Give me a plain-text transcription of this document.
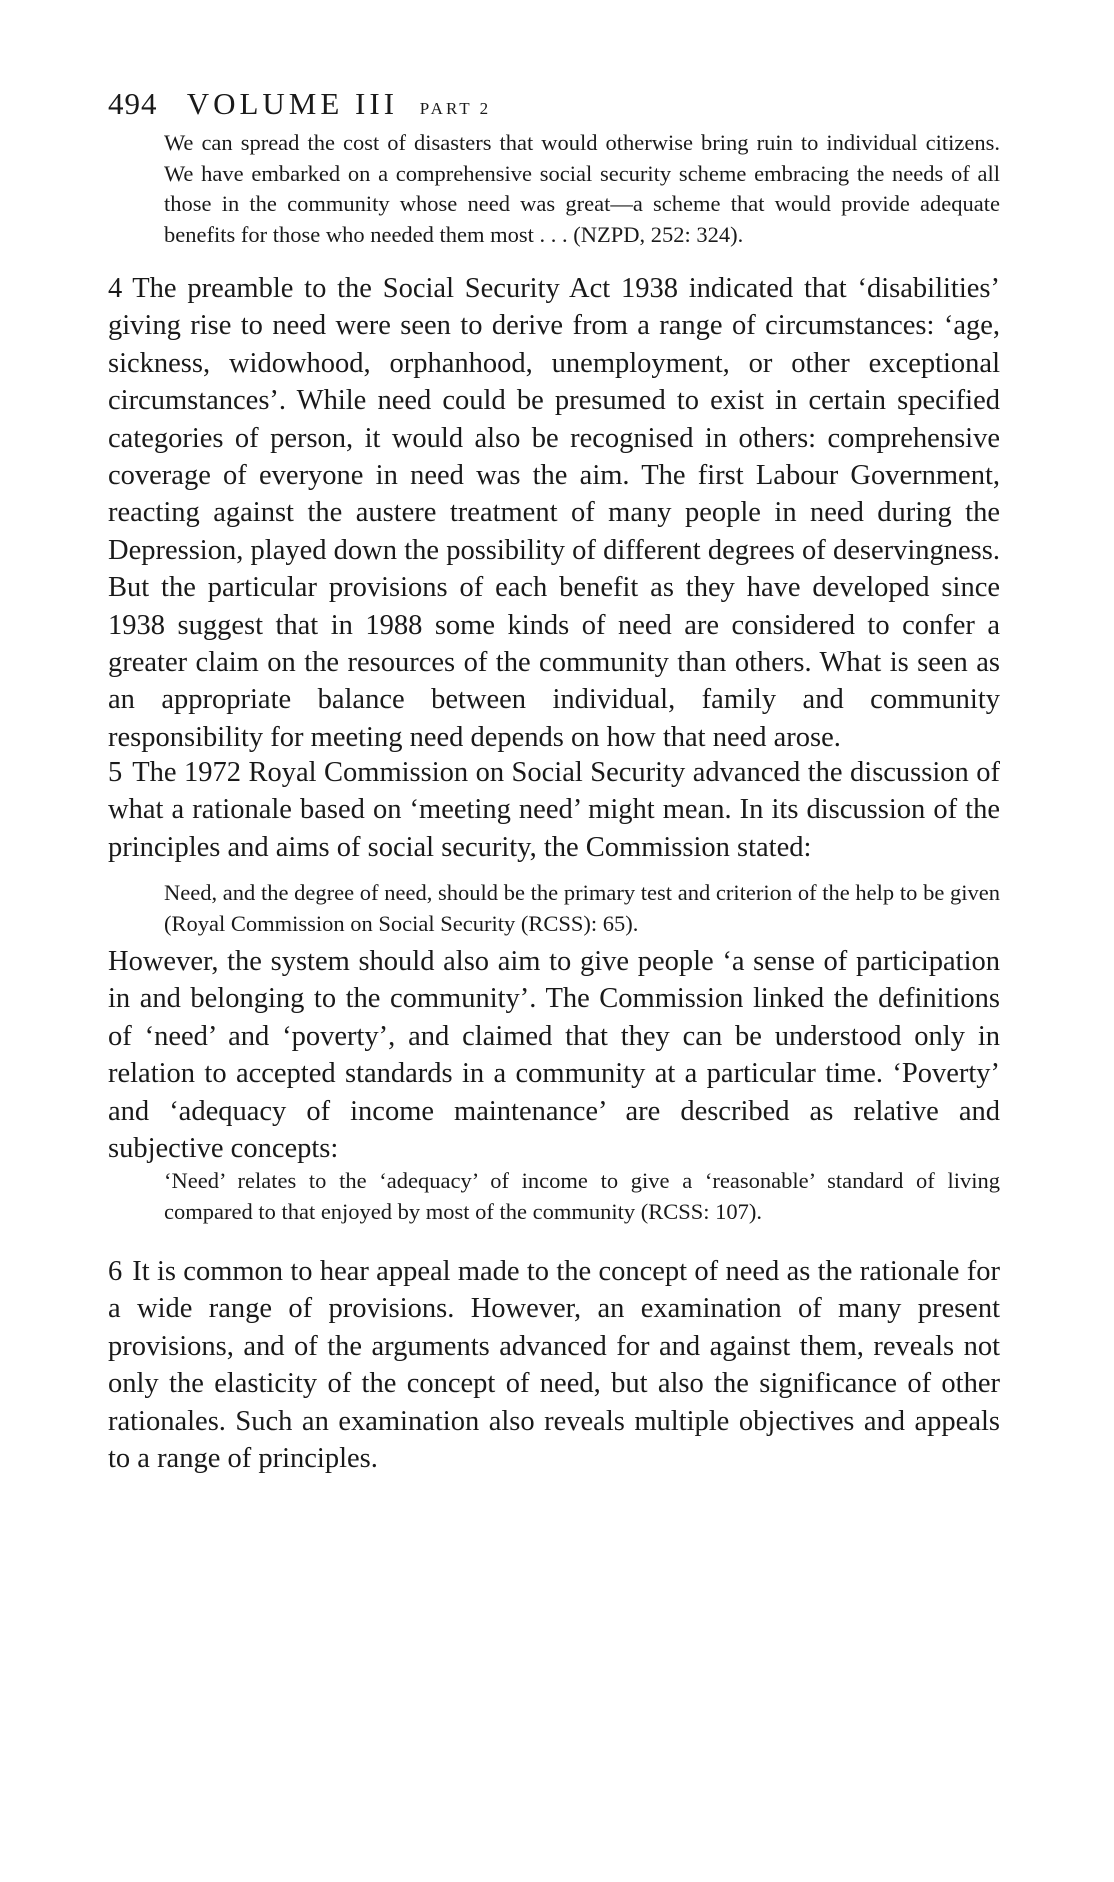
494 VOLUME III PART 2

We can spread the cost of disasters that would otherwise bring ruin to individual citizens. We have embarked on a comprehensive social security scheme embracing the needs of all those in the community whose need was great—a scheme that would provide adequate benefits for those who needed them most . . . (NZPD, 252: 324).

4 The preamble to the Social Security Act 1938 indicated that ‘disabilities’ giving rise to need were seen to derive from a range of circumstances: ‘age, sickness, widowhood, orphanhood, unemployment, or other exceptional circumstances’. While need could be presumed to exist in certain specified categories of person, it would also be recognised in others: comprehensive coverage of everyone in need was the aim. The first Labour Government, reacting against the austere treatment of many people in need during the Depression, played down the possibility of different degrees of deservingness. But the particular provisions of each benefit as they have developed since 1938 suggest that in 1988 some kinds of need are considered to confer a greater claim on the resources of the community than others. What is seen as an appropriate balance between individual, family and community responsibility for meeting need depends on how that need arose.

5 The 1972 Royal Commission on Social Security advanced the discussion of what a rationale based on ‘meeting need’ might mean. In its discussion of the principles and aims of social security, the Commission stated:

Need, and the degree of need, should be the primary test and criterion of the help to be given (Royal Commission on Social Security (RCSS): 65).

However, the system should also aim to give people ‘a sense of participation in and belonging to the community’. The Commission linked the definitions of ‘need’ and ‘poverty’, and claimed that they can be understood only in relation to accepted standards in a community at a particular time. ‘Poverty’ and ‘adequacy of income maintenance’ are described as relative and subjective concepts:

‘Need’ relates to the ‘adequacy’ of income to give a ‘reasonable’ standard of living compared to that enjoyed by most of the community (RCSS: 107).

6 It is common to hear appeal made to the concept of need as the rationale for a wide range of provisions. However, an examination of many present provisions, and of the arguments advanced for and against them, reveals not only the elasticity of the concept of need, but also the significance of other rationales. Such an examination also reveals multiple objectives and appeals to a range of principles.
